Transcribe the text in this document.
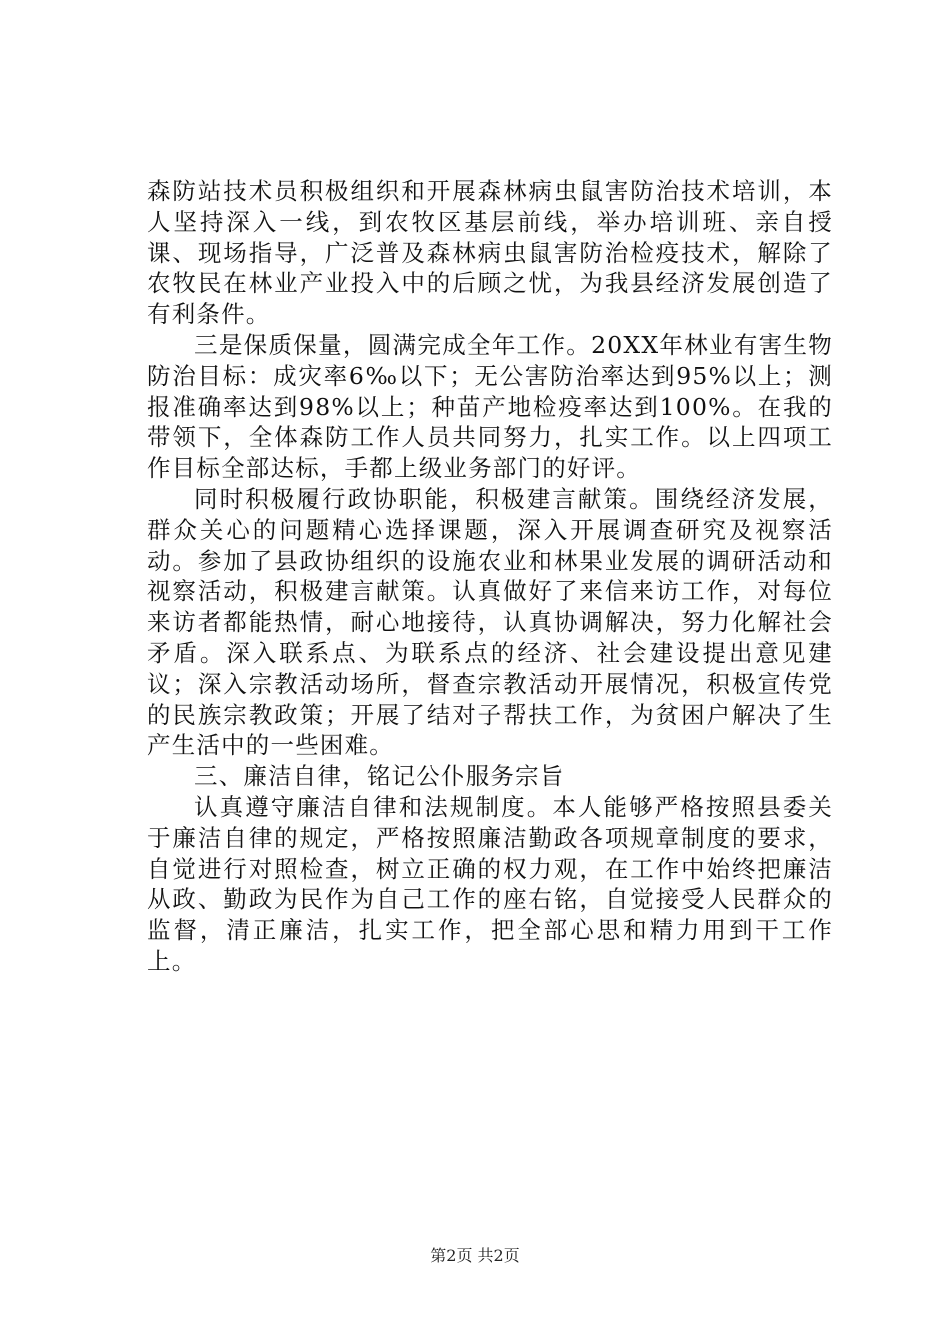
森防站技术员积极组织和开展森林病虫鼠害防治技术培训，本人坚持深入一线，到农牧区基层前线，举办培训班、亲自授课、现场指导，广泛普及森林病虫鼠害防治检疫技术，解除了农牧民在林业产业投入中的后顾之忧，为我县经济发展创造了有利条件。

三是保质保量，圆满完成全年工作。20XX年林业有害生物防治目标：成灾率6‰以下；无公害防治率达到95%以上；测报准确率达到98%以上；种苗产地检疫率达到100%。在我的带领下，全体森防工作人员共同努力，扎实工作。以上四项工作目标全部达标，手都上级业务部门的好评。

同时积极履行政协职能，积极建言献策。围绕经济发展，群众关心的问题精心选择课题，深入开展调查研究及视察活动。参加了县政协组织的设施农业和林果业发展的调研活动和视察活动，积极建言献策。认真做好了来信来访工作，对每位来访者都能热情，耐心地接待，认真协调解决，努力化解社会矛盾。深入联系点、为联系点的经济、社会建设提出意见建议；深入宗教活动场所，督查宗教活动开展情况，积极宣传党的民族宗教政策；开展了结对子帮扶工作，为贫困户解决了生产生活中的一些困难。

三、廉洁自律，铭记公仆服务宗旨

认真遵守廉洁自律和法规制度。本人能够严格按照县委关于廉洁自律的规定，严格按照廉洁勤政各项规章制度的要求，自觉进行对照检查，树立正确的权力观，在工作中始终把廉洁从政、勤政为民作为自己工作的座右铭，自觉接受人民群众的监督，清正廉洁，扎实工作，把全部心思和精力用到干工作上。

第2页 共2页
